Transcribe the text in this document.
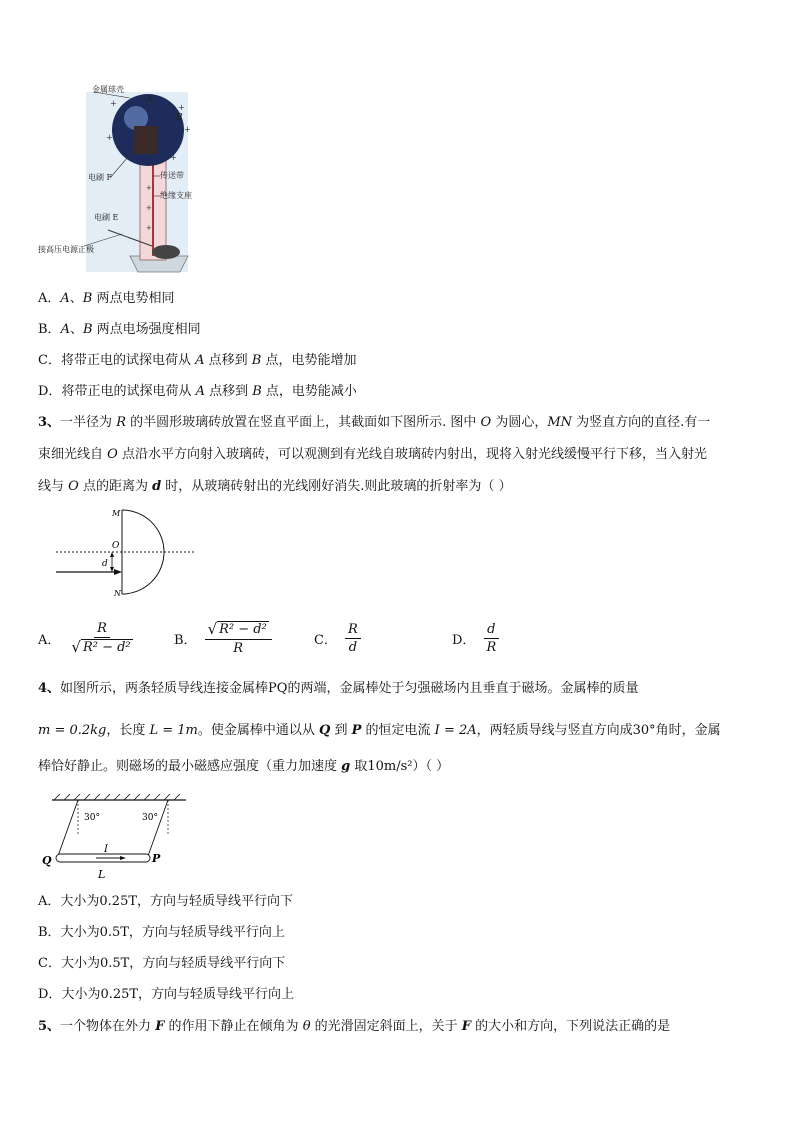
+	+
+
+
+
+
+
+
金属球壳
A
B
电刷 F	传送带
绝缘支座
电刷 E
接高压电源正极
A．A、B 两点电势相同
B．A、B 两点电场强度相同
C．将带正电的试探电荷从 A 点移到 B 点，电势能增加
D．将带正电的试探电荷从 A 点移到 B 点，电势能减小
3、一半径为 R 的半圆形玻璃砖放置在竖直平面上，其截面如下图所示. 图中 O 为圆心，MN 为竖直方向的直径.有一
束细光线自 O 点沿水平方向射入玻璃砖，可以观测到有光线自玻璃砖内射出，现将入射光线缓慢平行下移，当入射光
线与 O 点的距离为 d 时，从玻璃砖射出的光线刚好消失.则此玻璃的折射率为（ ）
M
O
d
N
A． $\frac{R}{\text{√ R² − d²}}$	B． $\frac{\text{√ R² − d²}}{R}$	C． $\frac{R}{d}$	D． $\frac{d}{R}$
4、如图所示，两条轻质导线连接金属棒PQ的两端，金属棒处于匀强磁场内且垂直于磁场。金属棒的质量
m = 0.2kg，长度 L = 1m。使金属棒中通以从 Q 到 P 的恒定电流 I = 2A，两轻质导线与竖直方向成30°角时，金属
棒恰好静止。则磁场的最小磁感应强度（重力加速度 g 取10m/s²）（ ）
30°	30°
Q	P
I
L
A．大小为0.25T，方向与轻质导线平行向下
B．大小为0.5T，方向与轻质导线平行向上
C．大小为0.5T，方向与轻质导线平行向下
D．大小为0.25T，方向与轻质导线平行向上
5、一个物体在外力 F 的作用下静止在倾角为 θ 的光滑固定斜面上，关于 F 的大小和方向，下列说法正确的是
